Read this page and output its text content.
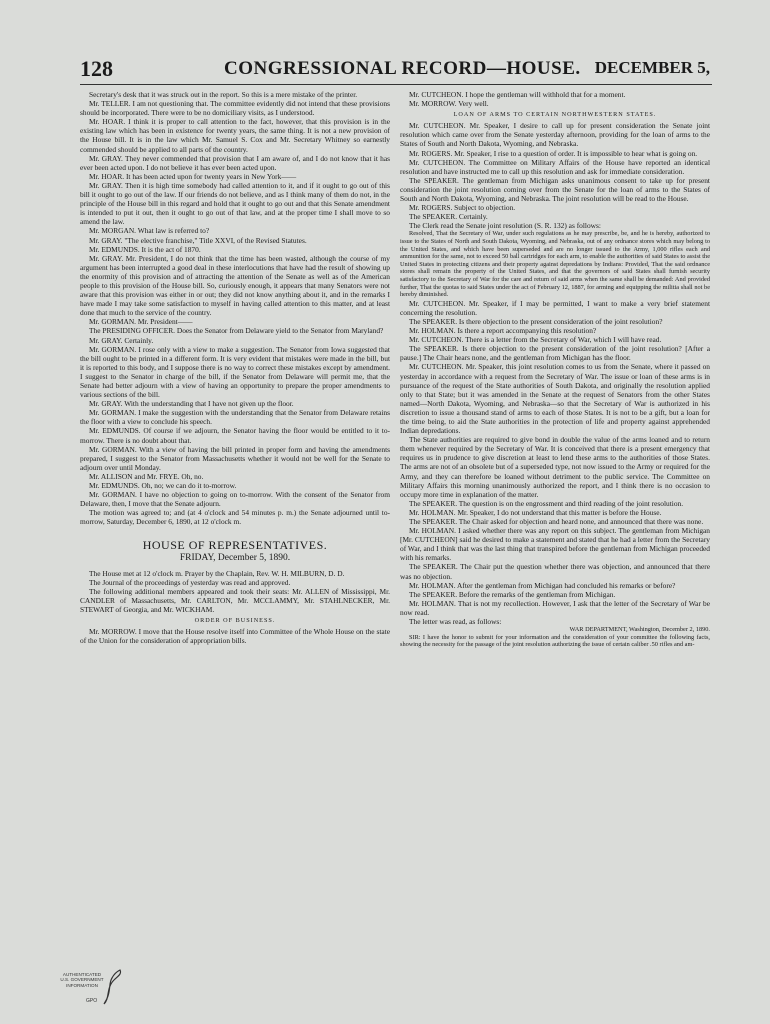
128	CONGRESSIONAL RECORD—HOUSE. DECEMBER 5,

Secretary's desk that it was struck out in the report. So this is a mere mistake of the printer.

Mr. TELLER. I am not questioning that. The committee evidently did not intend that these provisions should be incorporated. There were to be no domiciliary visits, as I understood.

Mr. HOAR. I think it is proper to call attention to the fact, however, that this provision is in the existing law which has been in existence for twenty years, the same thing. It is not a new provision of the House bill. It is in the law which Mr. Samuel S. Cox and Mr. Secretary Whitney so earnestly commended should be applied to all parts of the country.

Mr. GRAY. They never commended that provision that I am aware of, and I do not know that it has ever been acted upon. I do not believe it has ever been acted upon.

Mr. HOAR. It has been acted upon for twenty years in New York——

Mr. GRAY. Then it is high time somebody had called attention to it, and if it ought to go out of this bill it ought to go out of the law. If our friends do not believe, and as I think many of them do not, in the principle of the House bill in this regard and hold that it ought to go out and that this Senate amendment is intended to put it out, then it ought to go out of that law, and at the proper time I shall move to so amend the law.

Mr. MORGAN. What law is referred to?

Mr. GRAY. "The elective franchise," Title XXVI, of the Revised Statutes.

Mr. EDMUNDS. It is the act of 1870.

Mr. GRAY. Mr. President, I do not think that the time has been wasted, although the course of my argument has been interrupted a good deal in these interlocutions that have had the result of showing up the enormity of this provision and of attracting the attention of the Senate as well as of the American people to this provision of the House bill. So, curiously enough, it appears that many Senators were not aware that this provision was either in or out; they did not know anything about it, and in the remarks I have made I may take some satisfaction to myself in having called attention to this matter, and at least done that much to the service of the country.

Mr. GORMAN. Mr. President——

The PRESIDING OFFICER. Does the Senator from Delaware yield to the Senator from Maryland?

Mr. GRAY. Certainly.

Mr. GORMAN. I rose only with a view to make a suggestion. The Senator from Iowa suggested that the bill ought to be printed in a different form. It is very evident that mistakes were made in the bill, but it is reported to this body, and I suppose there is no way to correct these mistakes except by amendment. I suggest to the Senator in charge of the bill, if the Senator from Delaware will permit me, that the Senate had better adjourn with a view of having an opportunity to prepare the proper amendments to various sections of the bill.

Mr. GRAY. With the understanding that I have not given up the floor.

Mr. GORMAN. I make the suggestion with the understanding that the Senator from Delaware retains the floor with a view to conclude his speech.

Mr. EDMUNDS. Of course if we adjourn, the Senator having the floor would be entitled to it to-morrow. There is no doubt about that.

Mr. GORMAN. With a view of having the bill printed in proper form and having the amendments prepared, I suggest to the Senator from Massachusetts whether it would not be well for the Senate to adjourn over until Monday.

Mr. ALLISON and Mr. FRYE. Oh, no.

Mr. EDMUNDS. Oh, no; we can do it to-morrow.

Mr. GORMAN. I have no objection to going on to-morrow. With the consent of the Senator from Delaware, then, I move that the Senate adjourn.

The motion was agreed to; and (at 4 o'clock and 54 minutes p. m.) the Senate adjourned until to-morrow, Saturday, December 6, 1890, at 12 o'clock m.

HOUSE OF REPRESENTATIVES.
FRIDAY, December 5, 1890.

The House met at 12 o'clock m. Prayer by the Chaplain, Rev. W. H. MILBURN, D. D.

The Journal of the proceedings of yesterday was read and approved.

The following additional members appeared and took their seats: Mr. ALLEN of Mississippi, Mr. CANDLER of Massachusetts, Mr. CARLTON, Mr. MCCLAMMY, Mr. STAHLNECKER, Mr. STEWART of Georgia, and Mr. WICKHAM.

ORDER OF BUSINESS.

Mr. MORROW. I move that the House resolve itself into Committee of the Whole House on the state of the Union for the consideration of appropriation bills.

Mr. CUTCHEON. I hope the gentleman will withhold that for a moment.

Mr. MORROW. Very well.

LOAN OF ARMS TO CERTAIN NORTHWESTERN STATES.

Mr. CUTCHEON. Mr. Speaker, I desire to call up for present consideration the Senate joint resolution which came over from the Senate yesterday afternoon, providing for the loan of arms to the States of South and North Dakota, Wyoming, and Nebraska.

Mr. ROGERS. Mr. Speaker, I rise to a question of order. It is impossible to hear what is going on.

Mr. CUTCHEON. The Committee on Military Affairs of the House have reported an identical resolution and have instructed me to call up this resolution and ask for immediate consideration.

The SPEAKER. The gentleman from Michigan asks unanimous consent to take up for present consideration the joint resolution coming over from the Senate for the loan of arms to the States of South and North Dakota, Wyoming, and Nebraska. The joint resolution will be read to the House.

Mr. ROGERS. Subject to objection.

The SPEAKER. Certainly.

The Clerk read the Senate joint resolution (S. R. 132) as follows:

Resolved, That the Secretary of War, under such regulations as he may prescribe, be, and he is hereby, authorized to issue to the States of North and South Dakota, Wyoming, and Nebraska, out of any ordnance stores which may belong to the United States, and which have been superseded and are no longer issued to the Army, 1,000 rifles each and ammunition for the same, not to exceed 50 ball cartridges for each arm, to enable the authorities of said States to assist the United States in protecting citizens and their property against depredations by Indians: Provided, That the said ordnance stores shall remain the property of the United States, and that the governors of said States shall furnish security satisfactory to the Secretary of War for the care and return of said arms when the same shall be demanded: And provided further, That the quotas to said States under the act of February 12, 1887, for arming and equipping the militia shall not be hereby diminished.

Mr. CUTCHEON. Mr. Speaker, if I may be permitted, I want to make a very brief statement concerning the resolution.

The SPEAKER. Is there objection to the present consideration of the joint resolution?

Mr. HOLMAN. Is there a report accompanying this resolution?

Mr. CUTCHEON. There is a letter from the Secretary of War, which I will have read.

The SPEAKER. Is there objection to the present consideration of the joint resolution? [After a pause.] The Chair hears none, and the gentleman from Michigan has the floor.

Mr. CUTCHEON. Mr. Speaker, this joint resolution comes to us from the Senate, where it passed on yesterday in accordance with a request from the Secretary of War. The issue or loan of these arms is in pursuance of the request of the State authorities of South Dakota, and originally the resolution applied only to that State; but it was amended in the Senate at the request of Senators from the other States named—North Dakota, Wyoming, and Nebraska—so that the Secretary of War is authorized in his discretion to issue a thousand stand of arms to each of those States. It is not to be a gift, but a loan for the time being, to aid the State authorities in the protection of life and property against apprehended Indian depredations.

The State authorities are required to give bond in double the value of the arms loaned and to return them whenever required by the Secretary of War. It is conceived that there is a present emergency that requires us in prudence to give discretion at least to lend these arms to the authorities of those States. The arms are not of an obsolete but of a superseded type, not now issued to the Army or required for the Army, and they can therefore be loaned without detriment to the public service. The Committee on Military Affairs this morning unanimously authorized the report, and I think there is no occasion to occupy more time in explanation of the matter.

The SPEAKER. The question is on the engrossment and third reading of the joint resolution.

Mr. HOLMAN. Mr. Speaker, I do not understand that this matter is before the House.

The SPEAKER. The Chair asked for objection and heard none, and announced that there was none.

Mr. HOLMAN. I asked whether there was any report on this subject. The gentleman from Michigan [Mr. CUTCHEON] said he desired to make a statement and stated that he had a letter from the Secretary of War, and I think that was the last thing that transpired before the gentleman from Michigan proceeded with his remarks.

The SPEAKER. The Chair put the question whether there was objection, and announced that there was no objection.

Mr. HOLMAN. After the gentleman from Michigan had concluded his remarks or before?

The SPEAKER. Before the remarks of the gentleman from Michigan.

Mr. HOLMAN. That is not my recollection. However, I ask that the letter of the Secretary of War be now read.

The letter was read, as follows:

WAR DEPARTMENT, Washington, December 2, 1890.

SIR: I have the honor to submit for your information and the consideration of your committee the following facts, showing the necessity for the passage of the joint resolution authorizing the issue of certain caliber .50 rifles and am-

AUTHENTICATED U.S. GOVERNMENT INFORMATION
GPO
